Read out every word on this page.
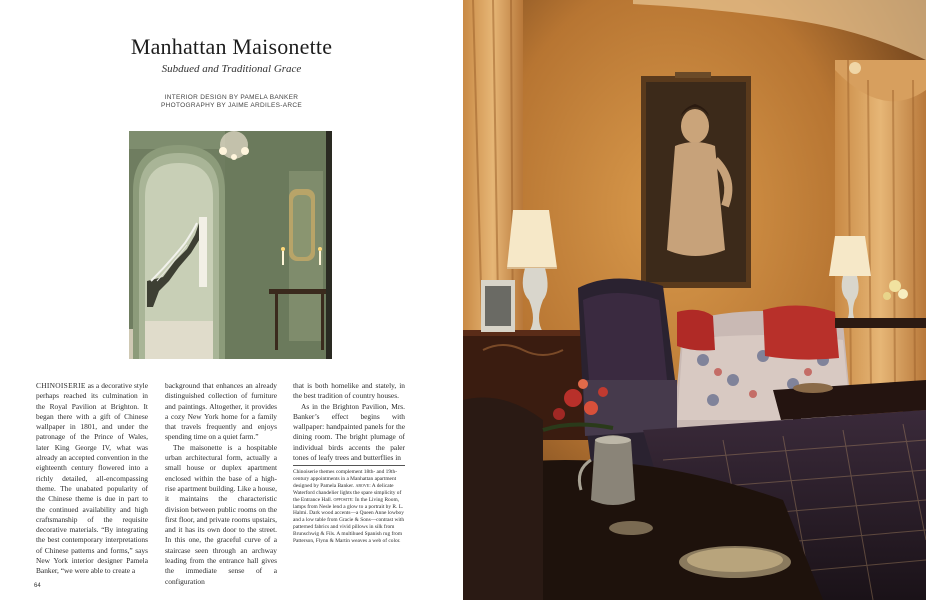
Manhattan Maisonette
Subdued and Traditional Grace
INTERIOR DESIGN BY PAMELA BANKER
PHOTOGRAPHY BY JAIME ARDILES-ARCE

CHINOISERIE as a decorative style perhaps reached its culmination in the Royal Pavilion at Brighton. It began there with a gift of Chinese wallpaper in 1801, and under the patronage of the Prince of Wales, later King George IV, what was already an accepted convention in the eighteenth century flowered into a richly detailed, all-encompassing theme. The unabated popularity of the Chinese theme is due in part to the continued availability and high craftsmanship of the requisite decorative materials. “By integrating the best contemporary interpretations of Chinese patterns and forms,” says New York interior designer Pamela Banker, “we were able to create a

background that enhances an already distinguished collection of furniture and paintings. Altogether, it provides a cozy New York home for a family that travels frequently and enjoys spending time on a quiet farm.”

The maisonette is a hospitable urban architectural form, actually a small house or duplex apartment enclosed within the base of a high-rise apartment building. Like a house, it maintains the characteristic division between public rooms on the first floor, and private rooms upstairs, and it has its own door to the street. In this one, the graceful curve of a staircase seen through an archway leading from the entrance hall gives the immediate sense of a configuration

that is both homelike and stately, in the best tradition of country houses.

As in the Brighton Pavilion, Mrs. Banker’s effect begins with wallpaper: handpainted panels for the dining room. The bright plumage of individual birds accents the paler tones of leafy trees and butterflies in

Chinoiserie themes complement 18th- and 19th-century appointments in a Manhattan apartment designed by Pamela Banker. above: A delicate Waterford chandelier lights the spare simplicity of the Entrance Hall. opposite: In the Living Room, lamps from Nesle lend a glow to a portrait by R. L. Halmi. Dark wood accents—a Queen Anne lowboy and a low table from Gracie & Sons—contrast with patterned fabrics and vivid pillows in silk from Brunschwig & Fils. A multihued Spanish rug from Patterson, Flynn & Martin weaves a web of color.
64
